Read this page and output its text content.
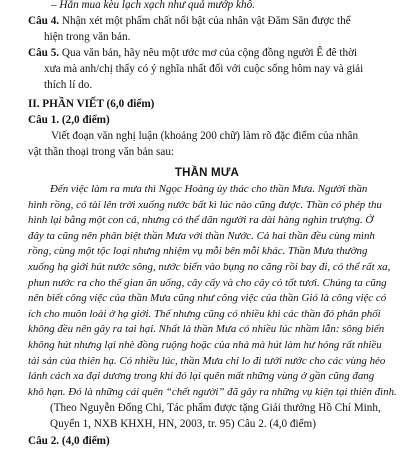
– Hắn mua kèu lạch xạch như quả mướp khô.
Câu 4. Nhận xét một phẩm chất nổi bật của nhân vật Đăm Săn được thể
hiện trong văn bản.
Câu 5. Qua văn bản, hãy nêu một ước mơ của cộng đồng người Ê đê thời
xưa mà anh/chị thấy có ý nghĩa nhất đối với cuộc sống hôm nay và giải
thích lí do.
II. PHẦN VIẾT (6,0 điểm)
Câu 1. (2,0 điểm)
Viết đoạn văn nghị luận (khoảng 200 chữ) làm rõ đặc điểm của nhân
vật thần thoại trong văn bản sau:
THẦN MƯA
Đến việc làm ra mưa thì Ngọc Hoàng ủy thác cho thần Mưa. Người thần
hình rồng, có tài lên trời xuống nước bất kì lúc nào cũng được. Thần có phép thu
hình lại bằng một con cá, nhưng có thể dãn người ra dài hàng nghìn trượng. Ở
đây ta cũng nên phân biệt thần Mưa với thần Nước. Cả hai thần đều cùng mình
rồng, cùng một tộc loại nhưng nhiệm vụ mỗi bên mỗi khác. Thần Mưa thường
xuống hạ giới hút nước sông, nước biển vào bụng no căng rồi bay đi, có thể rất xa,
phun nước ra cho thế gian ăn uống, cây cấy và cho cây cỏ tốt tươi. Chúng ta cũng
nên biết công việc của thần Mưa cũng như công việc của thần Gió là công việc có
ích cho muôn loài ở hạ giới. Thế nhưng cũng có nhiều khi các thần đó phân phối
không đều nên gây ra tai hại. Nhất là thần Mưa có nhiều lúc nhầm lẫn: sông biển
không hút nhưng lại nhè đồng ruộng hoặc của nhà mà hút làm hư hỏng rất nhiều
tài sản của thiên hạ. Có nhiều lúc, thần Mưa chỉ lo đi tưới nước cho các vùng hẻo
lánh cách xa đại dương trong khi đó lại quên mất những vùng ở gần cũng đang
khô hạn. Đó là những cái quên “chết người” đã gây ra những vụ kiện tại thiên đình.
(Theo Nguyễn Đổng Chi, Tác phẩm được tặng Giải thưởng Hồ Chí Minh,
Quyển 1, NXB KHXH, HN, 2003, tr. 95) Câu 2. (4,0 điểm)
Câu 2. (4,0 điểm)
